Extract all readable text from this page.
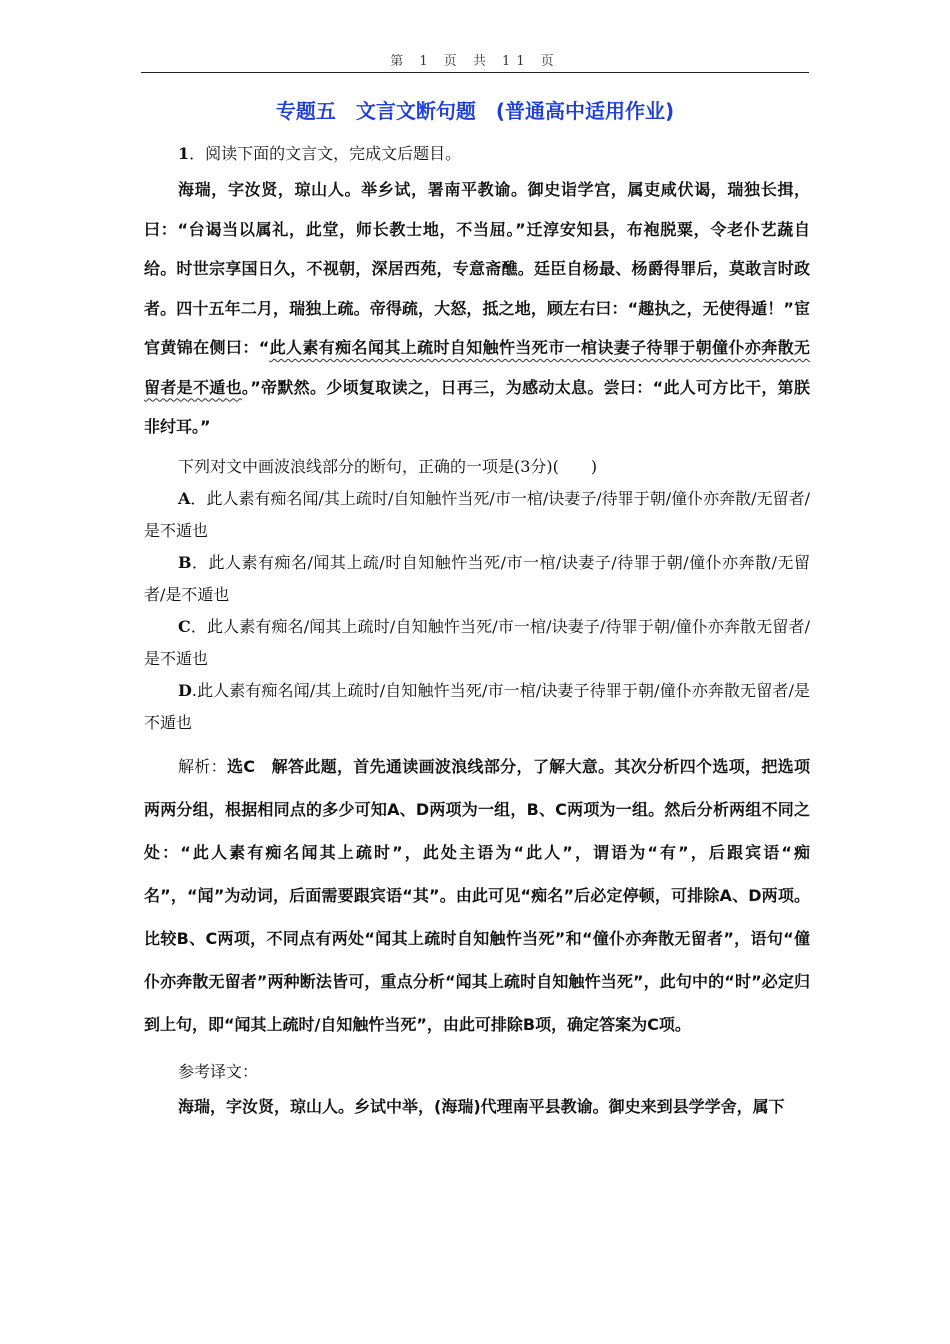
第 1 页 共 11 页
专题五　文言文断句题　(普通高中适用作业)

1．阅读下面的文言文，完成文后题目。

海瑞，字汝贤，琼山人。举乡试，署南平教谕。御史诣学宫，属吏咸伏谒，瑞独长揖，曰：“台谒当以属礼，此堂，师长教士地，不当屈。”迁淳安知县，布袍脱粟，令老仆艺蔬自给。时世宗享国日久，不视朝，深居西苑，专意斋醮。廷臣自杨最、杨爵得罪后，莫敢言时政者。四十五年二月，瑞独上疏。帝得疏，大怒，抵之地，顾左右曰：“趣执之，无使得遁！”宦官黄锦在侧曰：“此人素有痴名闻其上疏时自知触忤当死市一棺诀妻子待罪于朝僮仆亦奔散无留者是不遁也。”帝默然。少顷复取读之，日再三，为感动太息。尝曰：“此人可方比干，第朕非纣耳。”

下列对文中画波浪线部分的断句，正确的一项是(3分)(　　)

A．此人素有痴名闻/其上疏时/自知触忤当死/市一棺/诀妻子/待罪于朝/僮仆亦奔散/无留者/是不遁也

B．此人素有痴名/闻其上疏/时自知触忤当死/市一棺/诀妻子/待罪于朝/僮仆亦奔散/无留者/是不遁也

C．此人素有痴名/闻其上疏时/自知触忤当死/市一棺/诀妻子/待罪于朝/僮仆亦奔散无留者/是不遁也

D.此人素有痴名闻/其上疏时/自知触忤当死/市一棺/诀妻子待罪于朝/僮仆亦奔散无留者/是不遁也

解析：选C　解答此题，首先通读画波浪线部分，了解大意。其次分析四个选项，把选项两两分组，根据相同点的多少可知A、D两项为一组，B、C两项为一组。然后分析两组不同之处：“此人素有痴名闻其上疏时”，此处主语为“此人”，谓语为“有”，后跟宾语“痴名”，“闻”为动词，后面需要跟宾语“其”。由此可见“痴名”后必定停顿，可排除A、D两项。比较B、C两项，不同点有两处“闻其上疏时自知触忤当死”和“僮仆亦奔散无留者”，语句“僮仆亦奔散无留者”两种断法皆可，重点分析“闻其上疏时自知触忤当死”，此句中的“时”必定归到上句，即“闻其上疏时/自知触忤当死”，由此可排除B项，确定答案为C项。

参考译文：

海瑞，字汝贤，琼山人。乡试中举，(海瑞)代理南平县教谕。御史来到县学学舍，属下
